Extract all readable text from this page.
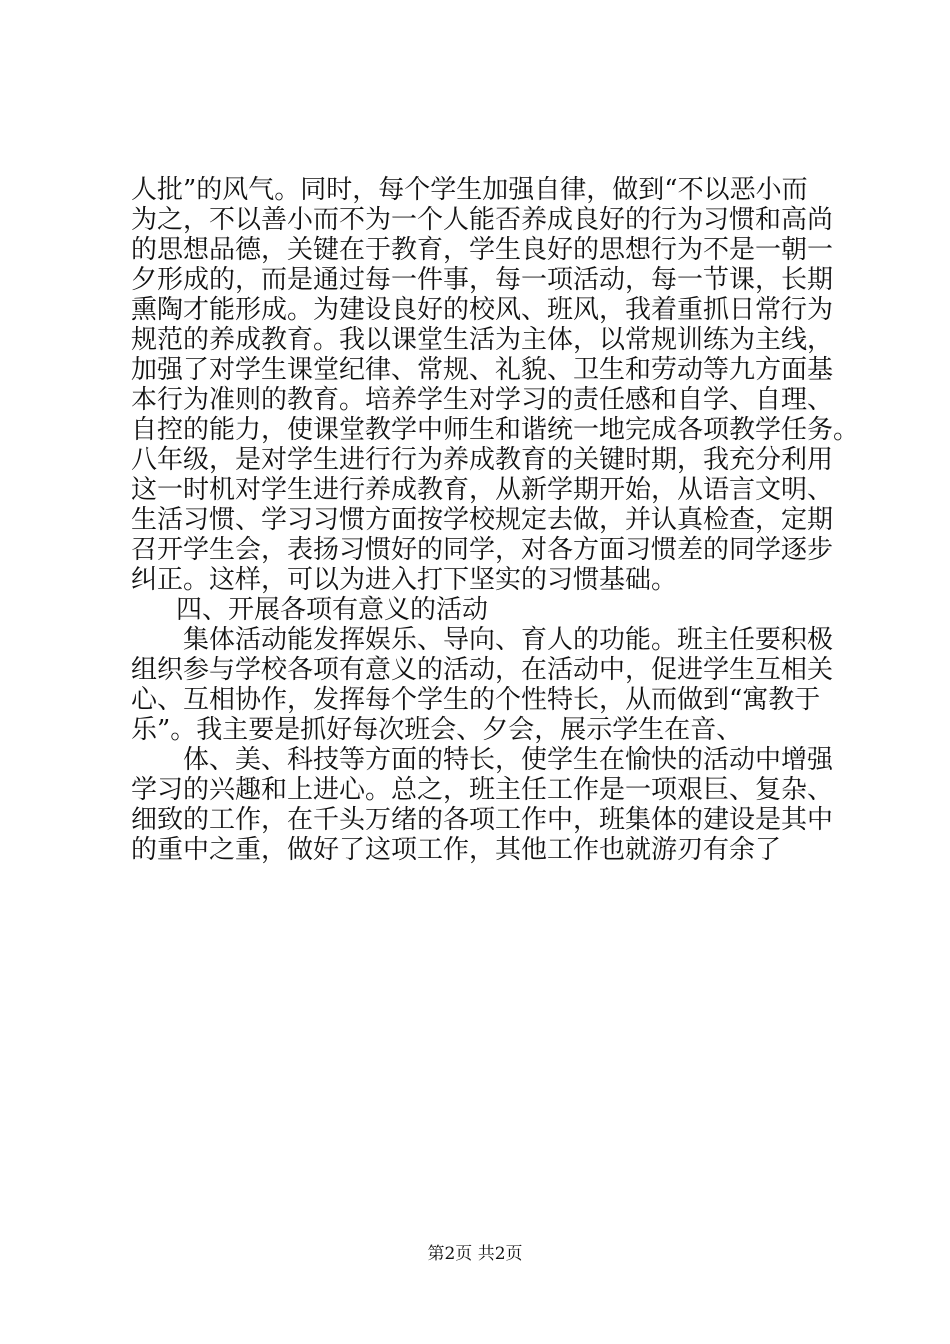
人批”的风气。同时，每个学生加强自律，做到“不以恶小而
为之，不以善小而不为一个人能否养成良好的行为习惯和高尚
的思想品德，关键在于教育，学生良好的思想行为不是一朝一
夕形成的，而是通过每一件事，每一项活动，每一节课，长期
熏陶才能形成。为建设良好的校风、班风，我着重抓日常行为
规范的养成教育。我以课堂生活为主体，以常规训练为主线，
加强了对学生课堂纪律、常规、礼貌、卫生和劳动等九方面基
本行为准则的教育。培养学生对学习的责任感和自学、自理、
自控的能力，使课堂教学中师生和谐统一地完成各项教学任务。
八年级，是对学生进行行为养成教育的关键时期，我充分利用
这一时机对学生进行养成教育，从新学期开始，从语言文明、
生活习惯、学习习惯方面按学校规定去做，并认真检查，定期
召开学生会，表扬习惯好的同学，对各方面习惯差的同学逐步
纠正。这样，可以为进入打下坚实的习惯基础。
四、开展各项有意义的活动
集体活动能发挥娱乐、导向、育人的功能。班主任要积极
组织参与学校各项有意义的活动，在活动中，促进学生互相关
心、互相协作，发挥每个学生的个性特长，从而做到“寓教于
乐”。我主要是抓好每次班会、夕会，展示学生在音、
体、美、科技等方面的特长，使学生在愉快的活动中增强
学习的兴趣和上进心。总之，班主任工作是一项艰巨、复杂、
细致的工作，在千头万绪的各项工作中，班集体的建设是其中
的重中之重，做好了这项工作，其他工作也就游刃有余了
第2页 共2页
